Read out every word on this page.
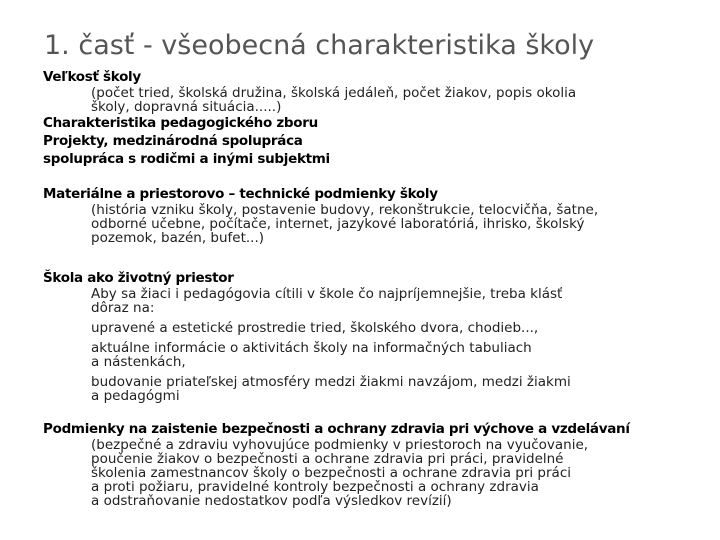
1. časť - všeobecná charakteristika školy
Veľkosť školy

(počet tried, školská družina, školská jedáleň, počet žiakov, popis okolia

školy, dopravná situácia.....)

Charakteristika pedagogického zboru
Projekty, medzinárodná spolupráca
spolupráca s rodičmi a inými subjektmi
Materiálne a priestorovo – technické podmienky školy

(história vzniku školy, postavenie budovy, rekonštrukcie, telocvičňa, šatne,

odborné učebne, počítače, internet, jazykové laboratóriá, ihrisko, školský

pozemok, bazén, bufet...)

Škola ako životný priestor

Aby sa žiaci i pedagógovia cítili v škole čo najpríjemnejšie, treba klásť

dôraz na:

upravené a estetické prostredie tried, školského dvora, chodieb...,

aktuálne informácie o aktivitách školy na informačných tabuliach

a nástenkách,

budovanie priateľskej atmosféry medzi žiakmi navzájom, medzi žiakmi

a pedagógmi

Podmienky na zaistenie bezpečnosti a ochrany zdravia pri výchove a vzdelávaní

(bezpečné a zdraviu vyhovujúce podmienky v priestoroch na vyučovanie,

poučenie žiakov o bezpečnosti a ochrane zdravia pri práci, pravidelné

školenia zamestnancov školy o bezpečnosti a ochrane zdravia pri práci

a proti požiaru, pravidelné kontroly bezpečnosti a ochrany zdravia

a odstraňovanie nedostatkov podľa výsledkov revízií)
